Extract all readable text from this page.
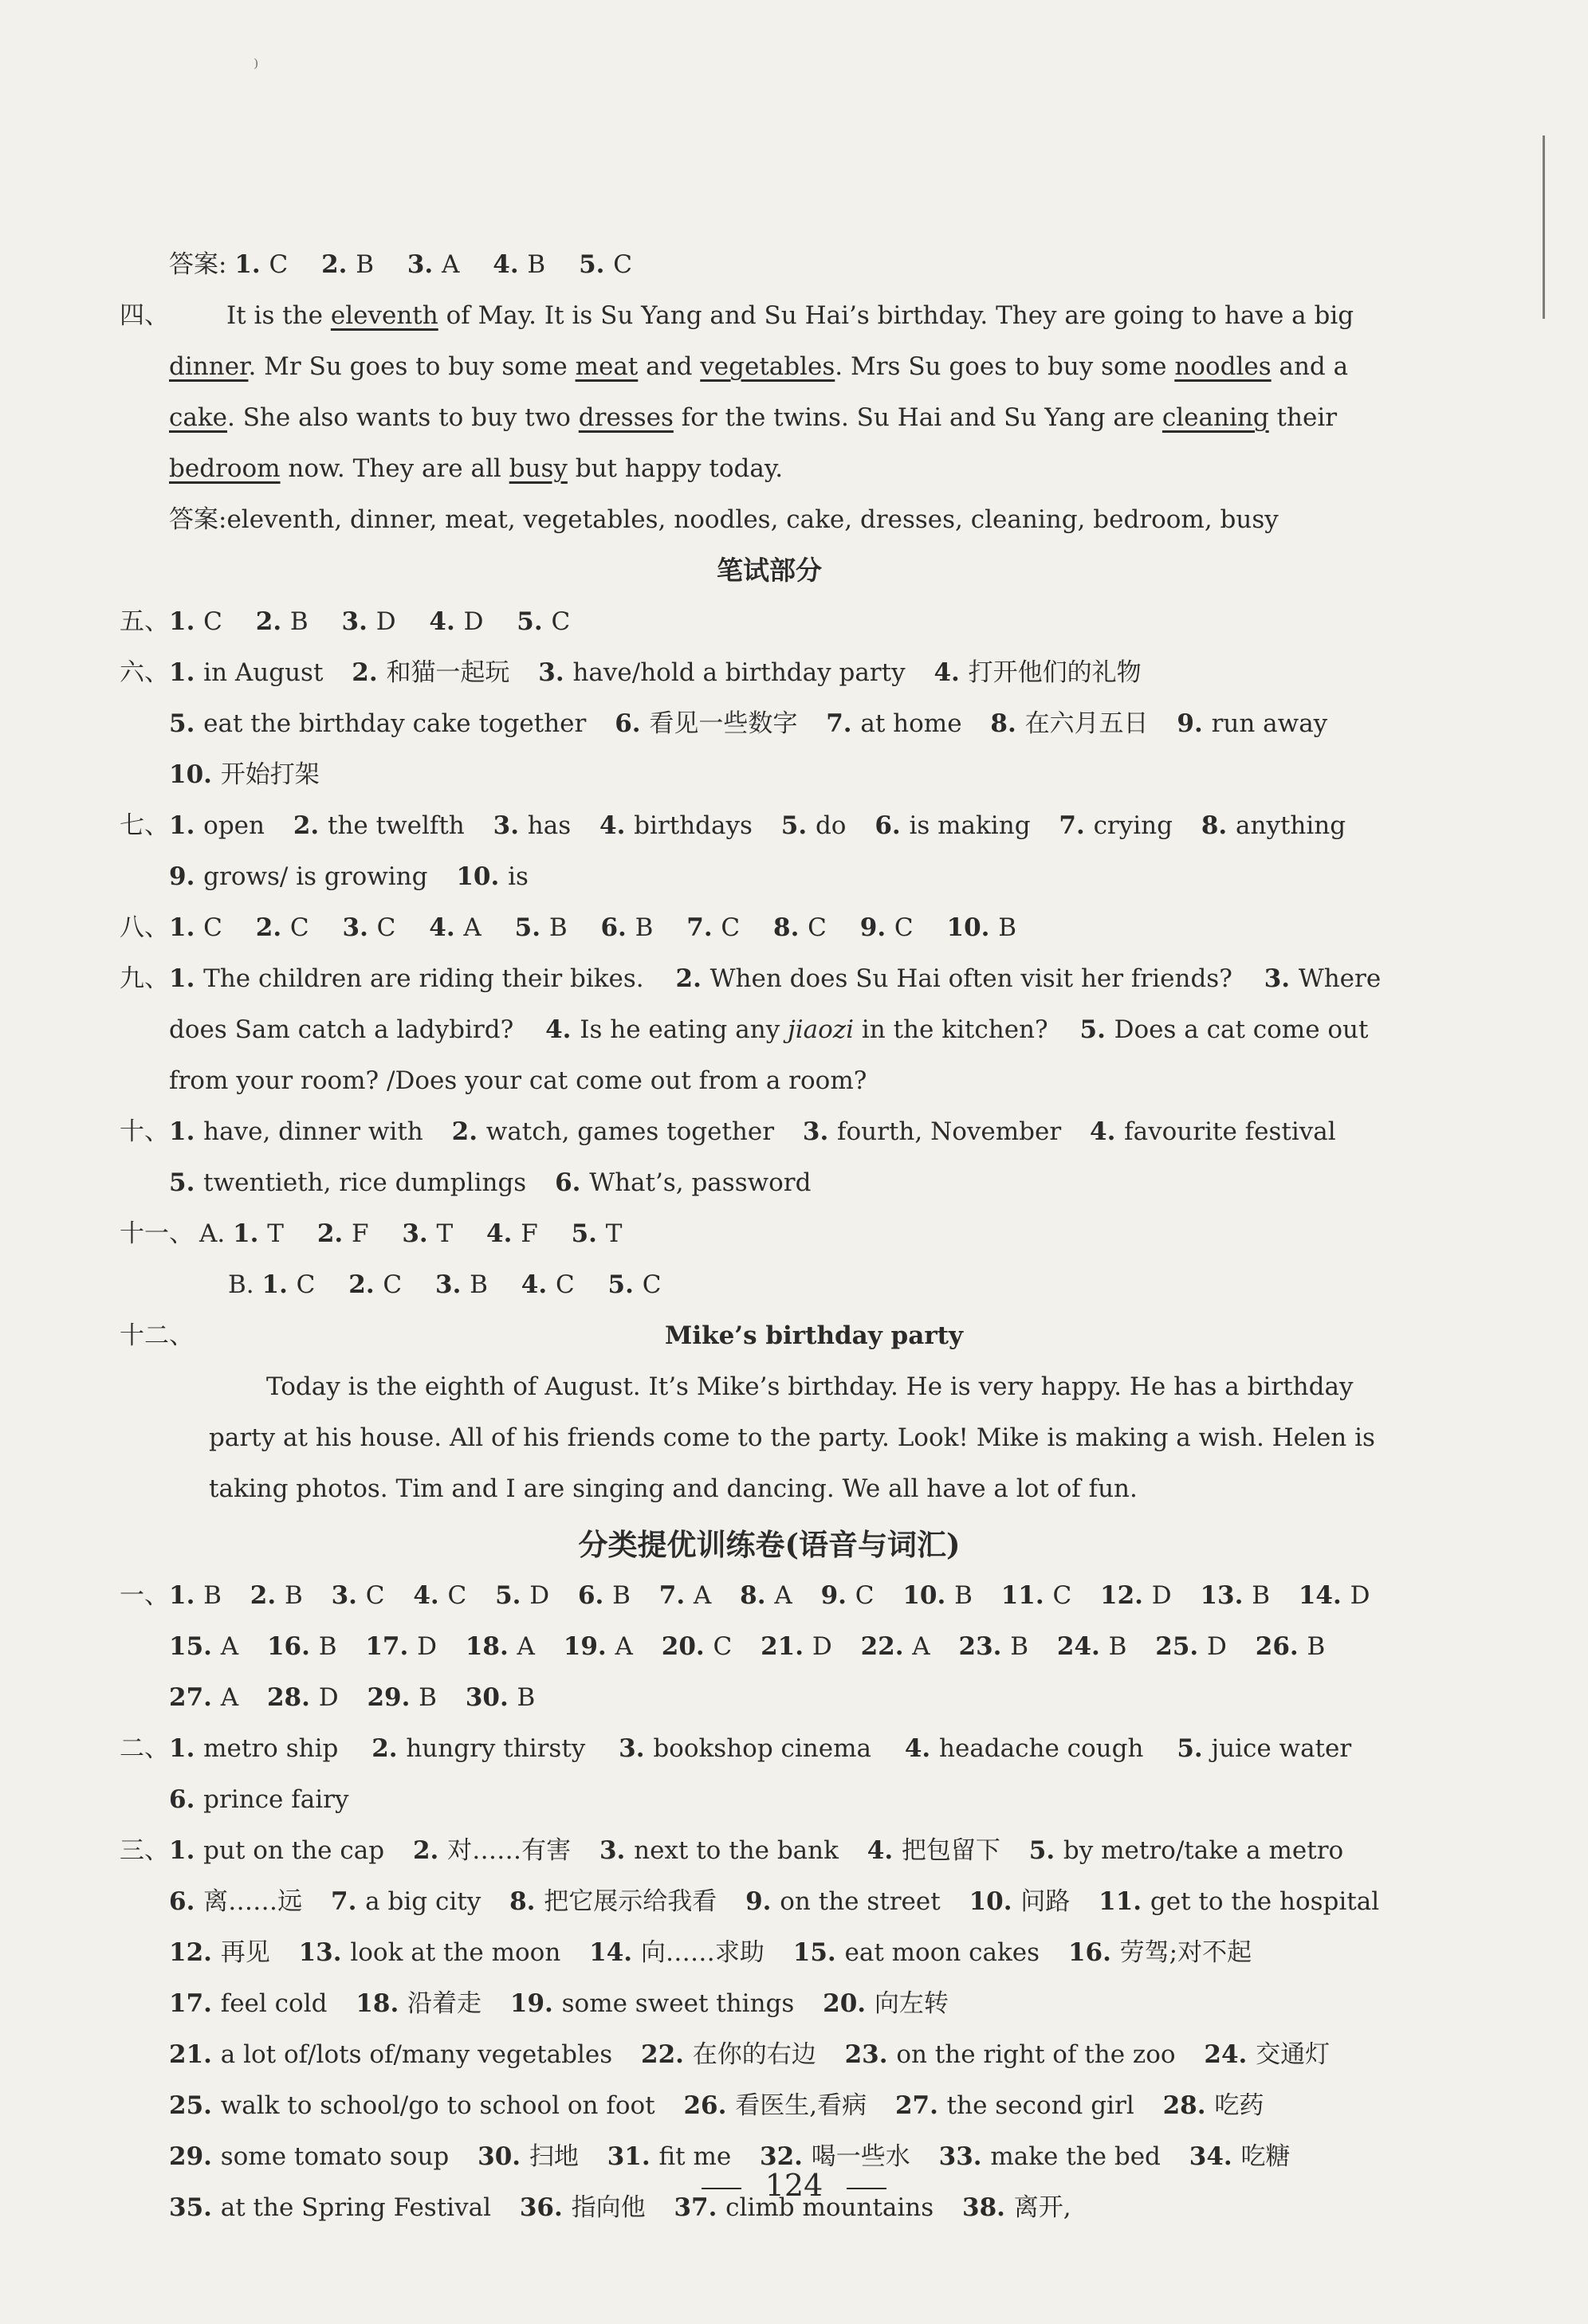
⁾
答案: 1. C 2. B 3. A 4. B 5. C
四、	It is the eleventh of May. It is Su Yang and Su Hai’s birthday. They are going to have a big dinner. Mr Su goes to buy some meat and vegetables. Mrs Su goes to buy some noodles and a cake. She also wants to buy two dresses for the twins. Su Hai and Su Yang are cleaning their bedroom now. They are all busy but happy today.
答案:eleventh, dinner, meat, vegetables, noodles, cake, dresses, cleaning, bedroom, busy
笔试部分
五、 1. C 2. B 3. D 4. D 5. C
六、 1. in August 2. 和猫一起玩 3. have/hold a birthday party 4. 打开他们的礼物 5. eat the birthday cake together 6. 看见一些数字 7. at home 8. 在六月五日 9. run away 10. 开始打架
七、 1. open 2. the twelfth 3. has 4. birthdays 5. do 6. is making 7. crying 8. anything 9. grows/ is growing 10. is
八、 1. C 2. C 3. C 4. A 5. B 6. B 7. C 8. C 9. C 10. B
九、 1. The children are riding their bikes. 2. When does Su Hai often visit her friends? 3. Where does Sam catch a ladybird? 4. Is he eating any jiaozi in the kitchen? 5. Does a cat come out from your room? /Does your cat come out from a room?
十、 1. have, dinner with 2. watch, games together 3. fourth, November 4. favourite festival 5. twentieth, rice dumplings 6. What’s, password
十一、 A. 1. T 2. F 3. T 4. F 5. T
B. 1. C 2. C 3. B 4. C 5. C
十二、	Mike’s birthday party
Today is the eighth of August. It’s Mike’s birthday. He is very happy. He has a birthday party at his house. All of his friends come to the party. Look! Mike is making a wish. Helen is taking photos. Tim and I are singing and dancing. We all have a lot of fun.
分类提优训练卷(语音与词汇)
一、 1. B 2. B 3. C 4. C 5. D 6. B 7. A 8. A 9. C 10. B 11. C 12. D 13. B 14. D 15. A 16. B 17. D 18. A 19. A 20. C 21. D 22. A 23. B 24. B 25. D 26. B 27. A 28. D 29. B 30. B
二、 1. metro ship 2. hungry thirsty 3. bookshop cinema 4. headache cough 5. juice water 6. prince fairy
三、 1. put on the cap 2. 对……有害 3. next to the bank 4. 把包留下 5. by metro/take a metro 6. 离……远 7. a big city 8. 把它展示给我看 9. on the street 10. 问路 11. get to the hospital 12. 再见 13. look at the moon 14. 向……求助 15. eat moon cakes 16. 劳驾;对不起 17. feel cold 18. 沿着走 19. some sweet things 20. 向左转 21. a lot of/lots of/many vegetables 22. 在你的右边 23. on the right of the zoo 24. 交通灯 25. walk to school/go to school on foot 26. 看医生,看病 27. the second girl 28. 吃药 29. some tomato soup 30. 扫地 31. fit me 32. 喝一些水 33. make the bed 34. 吃糖 35. at the Spring Festival 36. 指向他 37. climb mountains 38. 离开,
124
